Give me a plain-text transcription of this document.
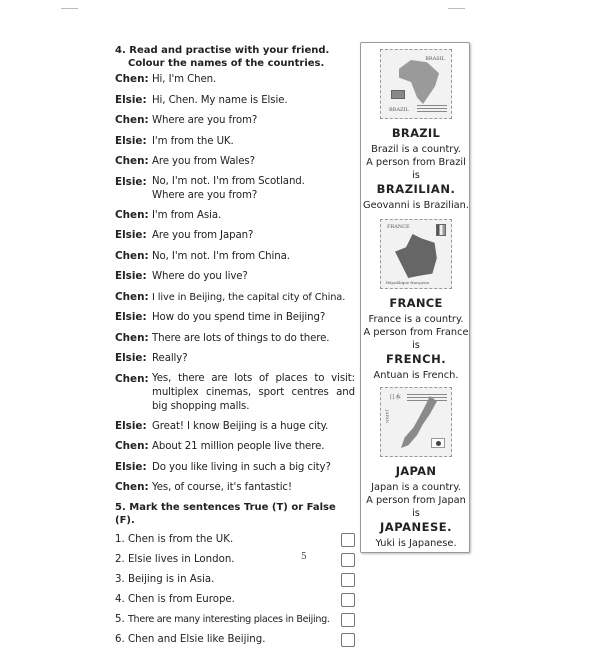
4. Read and practise with your friend.
Colour the names of the countries.
Chen: Hi, I'm Chen.
Elsie: Hi, Chen. My name is Elsie.
Chen: Where are you from?
Elsie: I'm from the UK.
Chen: Are you from Wales?
Elsie: No, I'm not. I'm from Scotland. Where are you from?
Chen: I'm from Asia.
Elsie: Are you from Japan?
Chen: No, I'm not. I'm from China.
Elsie: Where do you live?
Chen: I live in Beijing, the capital city of China.
Elsie: How do you spend time in Beijing?
Chen: There are lots of things to do there.
Elsie: Really?
Chen: Yes, there are lots of places to visit: multiplex cinemas, sport centres and big shopping malls.
Elsie: Great! I know Beijing is a huge city.
Chen: About 21 million people live there.
Elsie: Do you like living in such a big city?
Chen: Yes, of course, it's fantastic!
5. Mark the sentences True (T) or False (F).
1. Chen is from the UK.
2. Elsie lives in London.
3. Beijing is in Asia.
4. Chen is from Europe.
5. There are many interesting places in Beijing.
6. Chen and Elsie like Beijing.
BRASIL
BRAZIL
BRAZIL
Brazil is a country.
A person from Brazil is
BRAZILIAN.
Geovanni is Brazilian.
FRANCE
République française
FRANCE
France is a country.
A person from France is
FRENCH.
Antuan is French.
日本
JAPAN
JAPAN
Japan is a country.
A person from Japan is
JAPANESE.
Yuki is Japanese.
5
